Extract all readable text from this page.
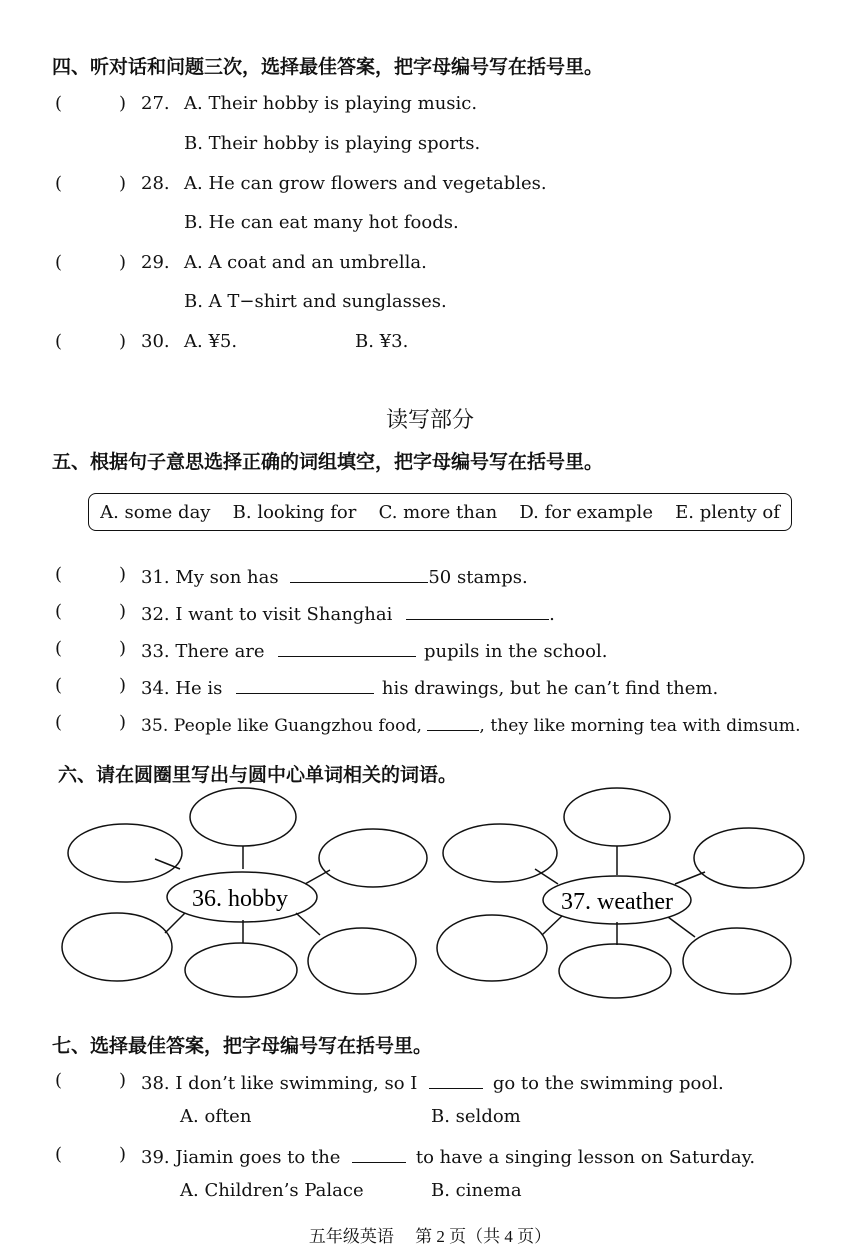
四、听对话和问题三次，选择最佳答案，把字母编号写在括号里。
(	) 27. A. Their hobby is playing music.
B. Their hobby is playing sports.
(	) 28. A. He can grow flowers and vegetables.
B. He can eat many hot foods.
(	) 29. A. A coat and an umbrella.
B. A T−shirt and sunglasses.
(	) 30. A. ¥5.	B. ¥3.
读写部分
五、根据句子意思选择正确的词组填空，把字母编号写在括号里。
A. some day B. looking for C. more than D. for example E. plenty of
(	) 31. My son has	50 stamps.
(	) 32. I want to visit Shanghai	.
(	) 33. There are	pupils in the school.
(	) 34. He is	his drawings, but he can’t find them.
(	) 35. People like Guangzhou food,	, they like morning tea with dimsum.
六、请在圆圈里写出与圆中心单词相关的词语。
36. hobby	37. weather
七、选择最佳答案，把字母编号写在括号里。
(	) 38. I don’t like swimming, so I	go to the swimming pool.
A. often	B. seldom
(	) 39. Jiamin goes to the	to have a singing lesson on Saturday.
A. Children’s Palace	B. cinema
五年级英语　 第 2 页（共 4 页）
